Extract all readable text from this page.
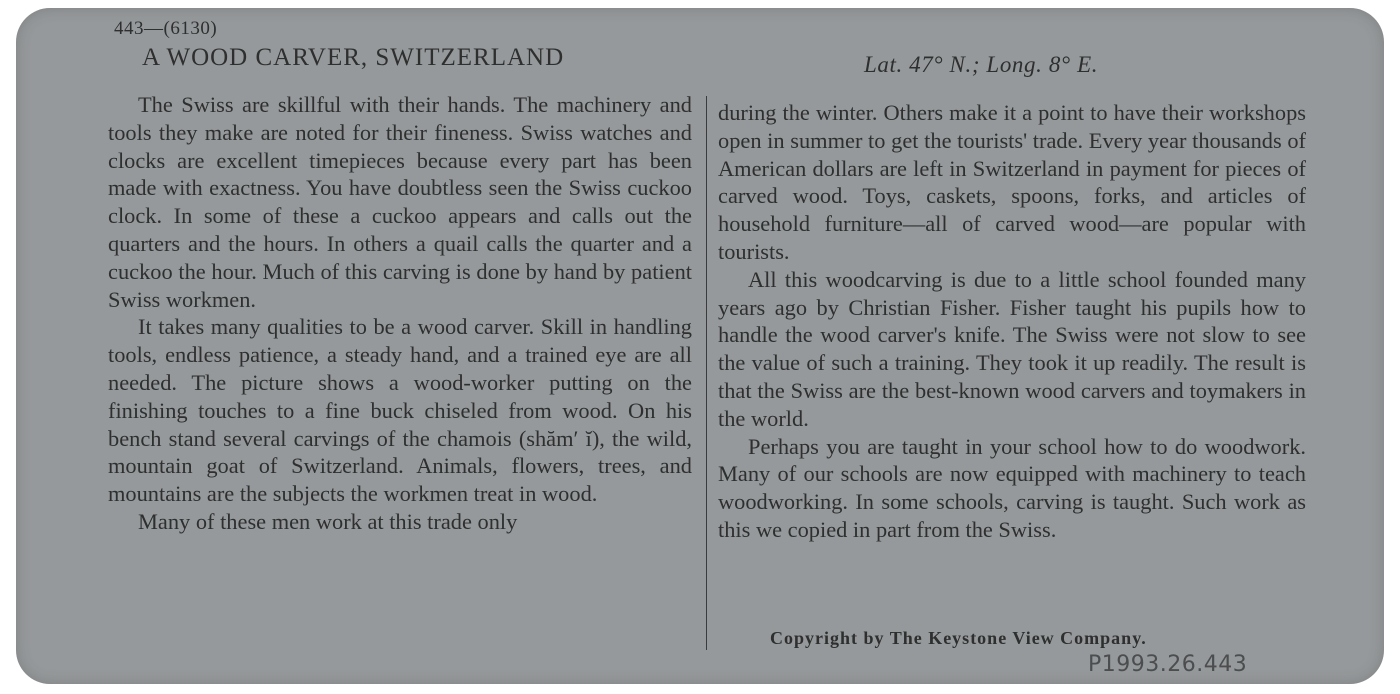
443—(6130)
A WOOD CARVER, SWITZERLAND	Lat. 47° N.; Long. 8° E.

The Swiss are skillful with their hands. The machinery and tools they make are noted for their fineness. Swiss watches and clocks are excellent timepieces because every part has been made with exactness. You have doubtless seen the Swiss cuckoo clock. In some of these a cuckoo appears and calls out the quarters and the hours. In others a quail calls the quarter and a cuckoo the hour. Much of this carving is done by hand by patient Swiss workmen.

It takes many qualities to be a wood carver. Skill in handling tools, endless patience, a steady hand, and a trained eye are all needed. The picture shows a wood-worker putting on the finishing touches to a fine buck chiseled from wood. On his bench stand several carvings of the chamois (shăm′ ĭ), the wild, mountain goat of Switzerland. Animals, flowers, trees, and mountains are the subjects the workmen treat in wood.

Many of these men work at this trade only

during the winter. Others make it a point to have their workshops open in summer to get the tourists' trade. Every year thousands of American dollars are left in Switzerland in payment for pieces of carved wood. Toys, caskets, spoons, forks, and articles of household furniture—all of carved wood—are popular with tourists.

All this woodcarving is due to a little school founded many years ago by Christian Fisher. Fisher taught his pupils how to handle the wood carver's knife. The Swiss were not slow to see the value of such a training. They took it up readily. The result is that the Swiss are the best-known wood carvers and toymakers in the world.

Perhaps you are taught in your school how to do woodwork. Many of our schools are now equipped with machinery to teach woodworking. In some schools, carving is taught. Such work as this we copied in part from the Swiss.

Copyright by The Keystone View Company.
P1993.26.443
